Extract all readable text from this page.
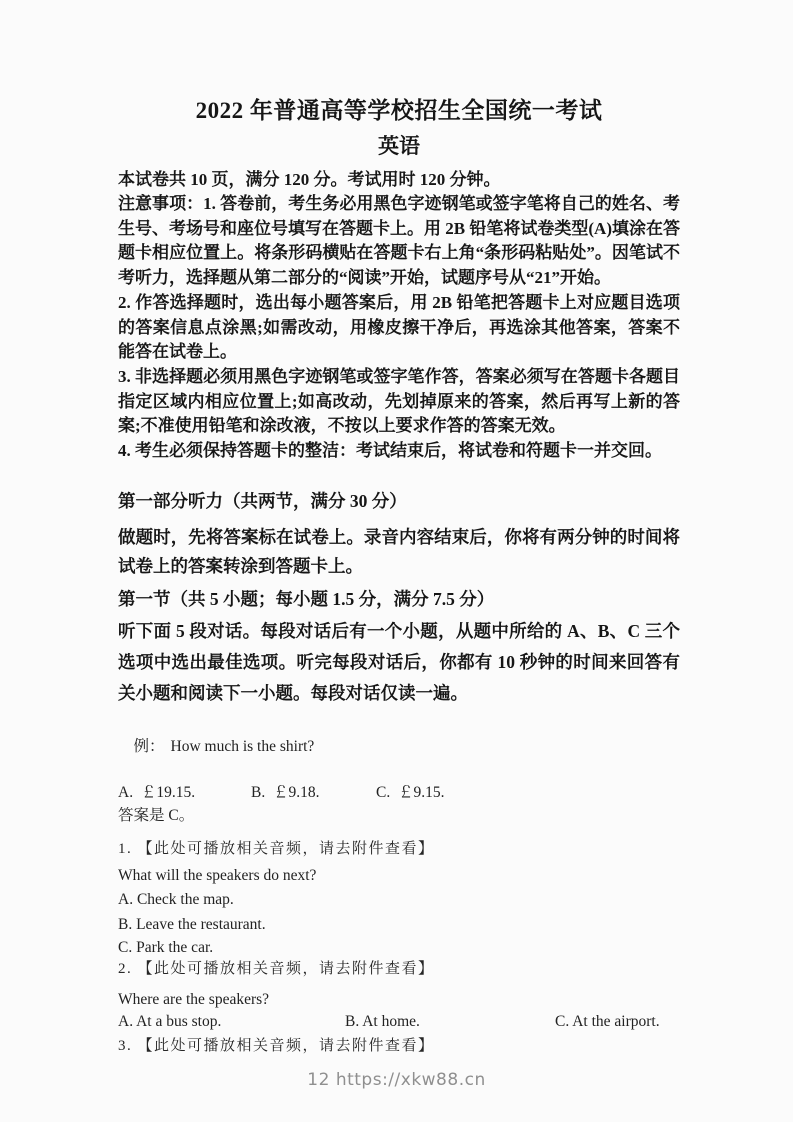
2022 年普通高等学校招生全国统一考试
英语

本试卷共 10 页，满分 120 分。考试用时 120 分钟。

注意事项：1. 答卷前，考生务必用黑色字迹钢笔或签字笔将自己的姓名、考生号、考场号和座位号填写在答题卡上。用 2B 铅笔将试卷类型(A)填涂在答题卡相应位置上。将条形码横贴在答题卡右上角“条形码粘贴处”。因笔试不考听力，选择题从第二部分的“阅读”开始，试题序号从“21”开始。

2. 作答选择题时，选出每小题答案后，用 2B 铅笔把答题卡上对应题目选项的答案信息点涂黑;如需改动，用橡皮擦干净后，再选涂其他答案，答案不能答在试卷上。

3. 非选择题必须用黑色字迹钢笔或签字笔作答，答案必须写在答题卡各题目指定区域内相应位置上;如高改动，先划掉原来的答案，然后再写上新的答案;不准使用铅笔和涂改液，不按以上要求作答的答案无效。

4. 考生必须保持答题卡的整洁：考试结束后，将试卷和符题卡一并交回。

第一部分听力（共两节，满分 30 分）

做题时，先将答案标在试卷上。录音内容结束后，你将有两分钟的时间将试卷上的答案转涂到答题卡上。

第一节（共 5 小题；每小题 1.5 分，满分 7.5 分）

听下面 5 段对话。每段对话后有一个小题，从题中所给的 A、B、C 三个选项中选出最佳选项。听完每段对话后，你都有 10 秒钟的时间来回答有关小题和阅读下一小题。每段对话仅读一遍。

例： How much is the shirt?

A.  ￡19.15.	B.  ￡9.18.	C.  ￡9.15.

答案是 C。

1. 【此处可播放相关音频，请去附件查看】

What will the speakers do next?

A. Check the map.

B. Leave the restaurant.

C. Park the car.

2. 【此处可播放相关音频，请去附件查看】

Where are the speakers?

A. At a bus stop.	B. At home.	C. At the airport.

3. 【此处可播放相关音频，请去附件查看】

12 https://xkw88.cn
